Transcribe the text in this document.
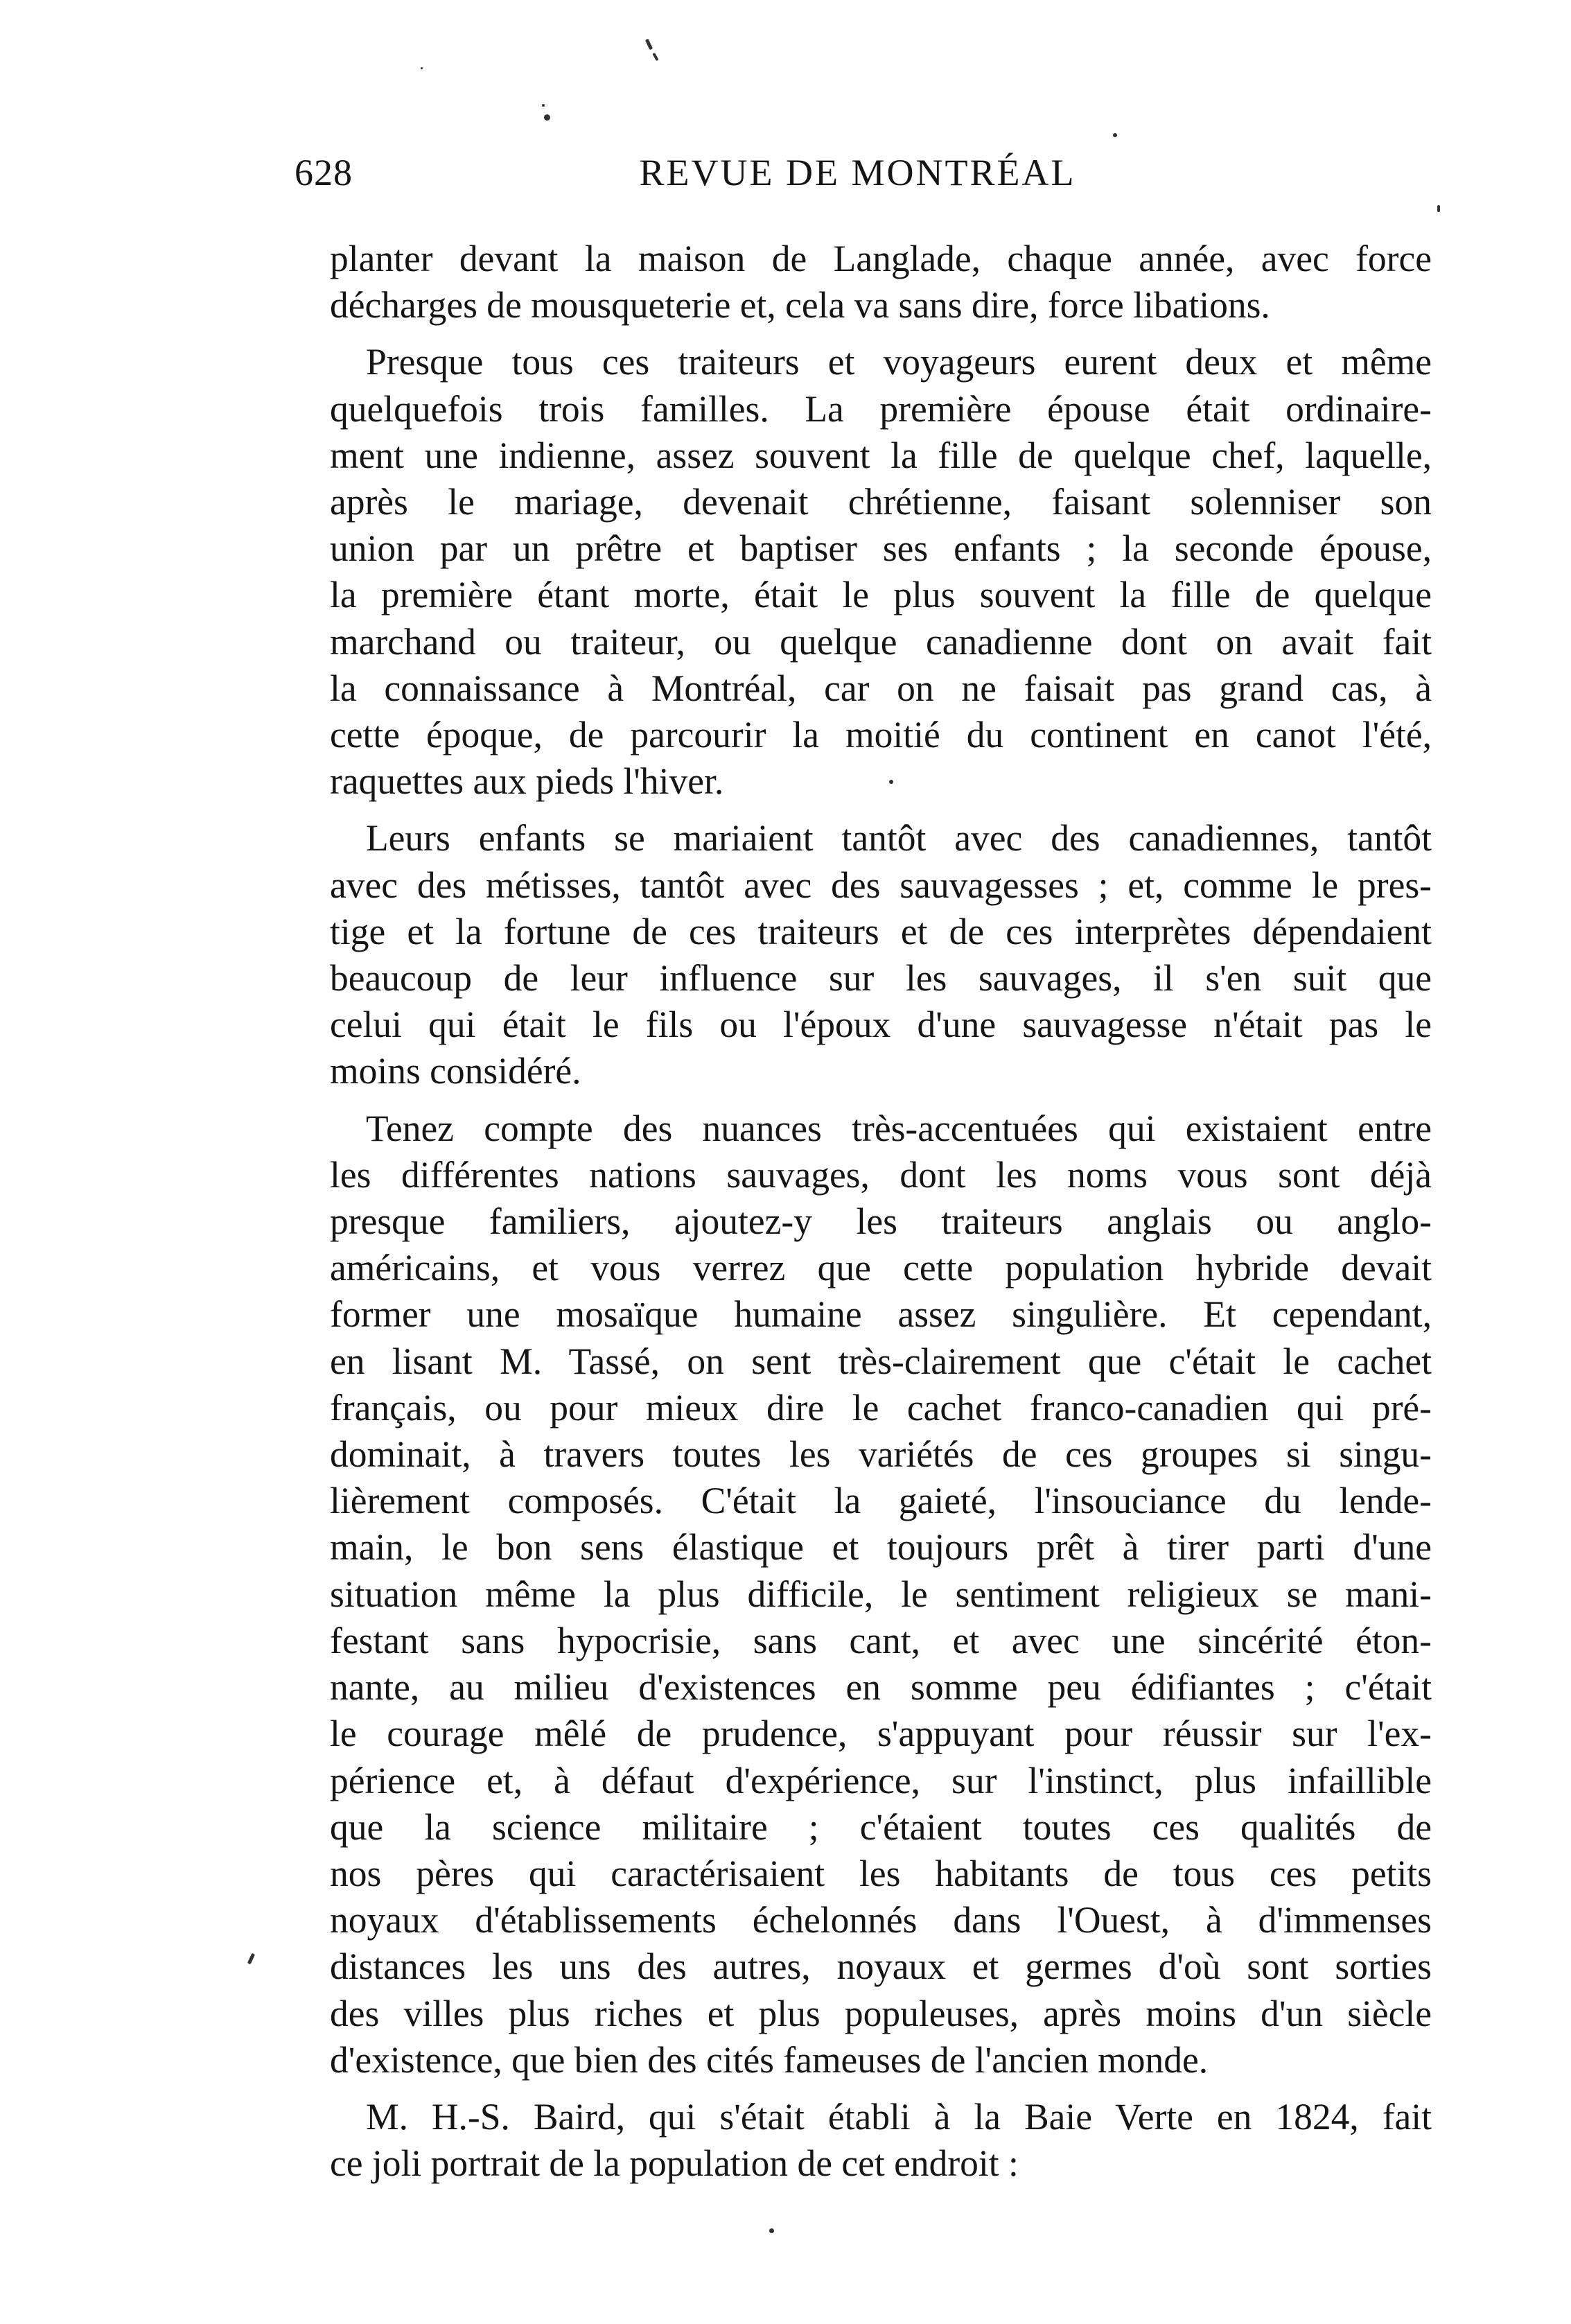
628	REVUE DE MONTRÉAL

planter devant la maison de Langlade, chaque année, avec force
décharges de mousqueterie et, cela va sans dire, force libations.

Presque tous ces traiteurs et voyageurs eurent deux et même
quelquefois trois familles. La première épouse était ordinaire-
ment une indienne, assez souvent la fille de quelque chef, laquelle,
après le mariage, devenait chrétienne, faisant solenniser son
union par un prêtre et baptiser ses enfants ; la seconde épouse,
la première étant morte, était le plus souvent la fille de quelque
marchand ou traiteur, ou quelque canadienne dont on avait fait
la connaissance à Montréal, car on ne faisait pas grand cas, à
cette époque, de parcourir la moitié du continent en canot l'été,
raquettes aux pieds l'hiver.

Leurs enfants se mariaient tantôt avec des canadiennes, tantôt
avec des métisses, tantôt avec des sauvagesses ; et, comme le pres-
tige et la fortune de ces traiteurs et de ces interprètes dépendaient
beaucoup de leur influence sur les sauvages, il s'en suit que
celui qui était le fils ou l'époux d'une sauvagesse n'était pas le
moins considéré.

Tenez compte des nuances très-accentuées qui existaient entre
les différentes nations sauvages, dont les noms vous sont déjà
presque familiers, ajoutez-y les traiteurs anglais ou anglo-
américains, et vous verrez que cette population hybride devait
former une mosaïque humaine assez singulière. Et cependant,
en lisant M. Tassé, on sent très-clairement que c'était le cachet
français, ou pour mieux dire le cachet franco-canadien qui pré-
dominait, à travers toutes les variétés de ces groupes si singu-
lièrement composés. C'était la gaieté, l'insouciance du lende-
main, le bon sens élastique et toujours prêt à tirer parti d'une
situation même la plus difficile, le sentiment religieux se mani-
festant sans hypocrisie, sans cant, et avec une sincérité éton-
nante, au milieu d'existences en somme peu édifiantes ; c'était
le courage mêlé de prudence, s'appuyant pour réussir sur l'ex-
périence et, à défaut d'expérience, sur l'instinct, plus infaillible
que la science militaire ; c'étaient toutes ces qualités de
nos pères qui caractérisaient les habitants de tous ces petits
noyaux d'établissements échelonnés dans l'Ouest, à d'immenses
distances les uns des autres, noyaux et germes d'où sont sorties
des villes plus riches et plus populeuses, après moins d'un siècle
d'existence, que bien des cités fameuses de l'ancien monde.

M. H.-S. Baird, qui s'était établi à la Baie Verte en 1824, fait
ce joli portrait de la population de cet endroit :
